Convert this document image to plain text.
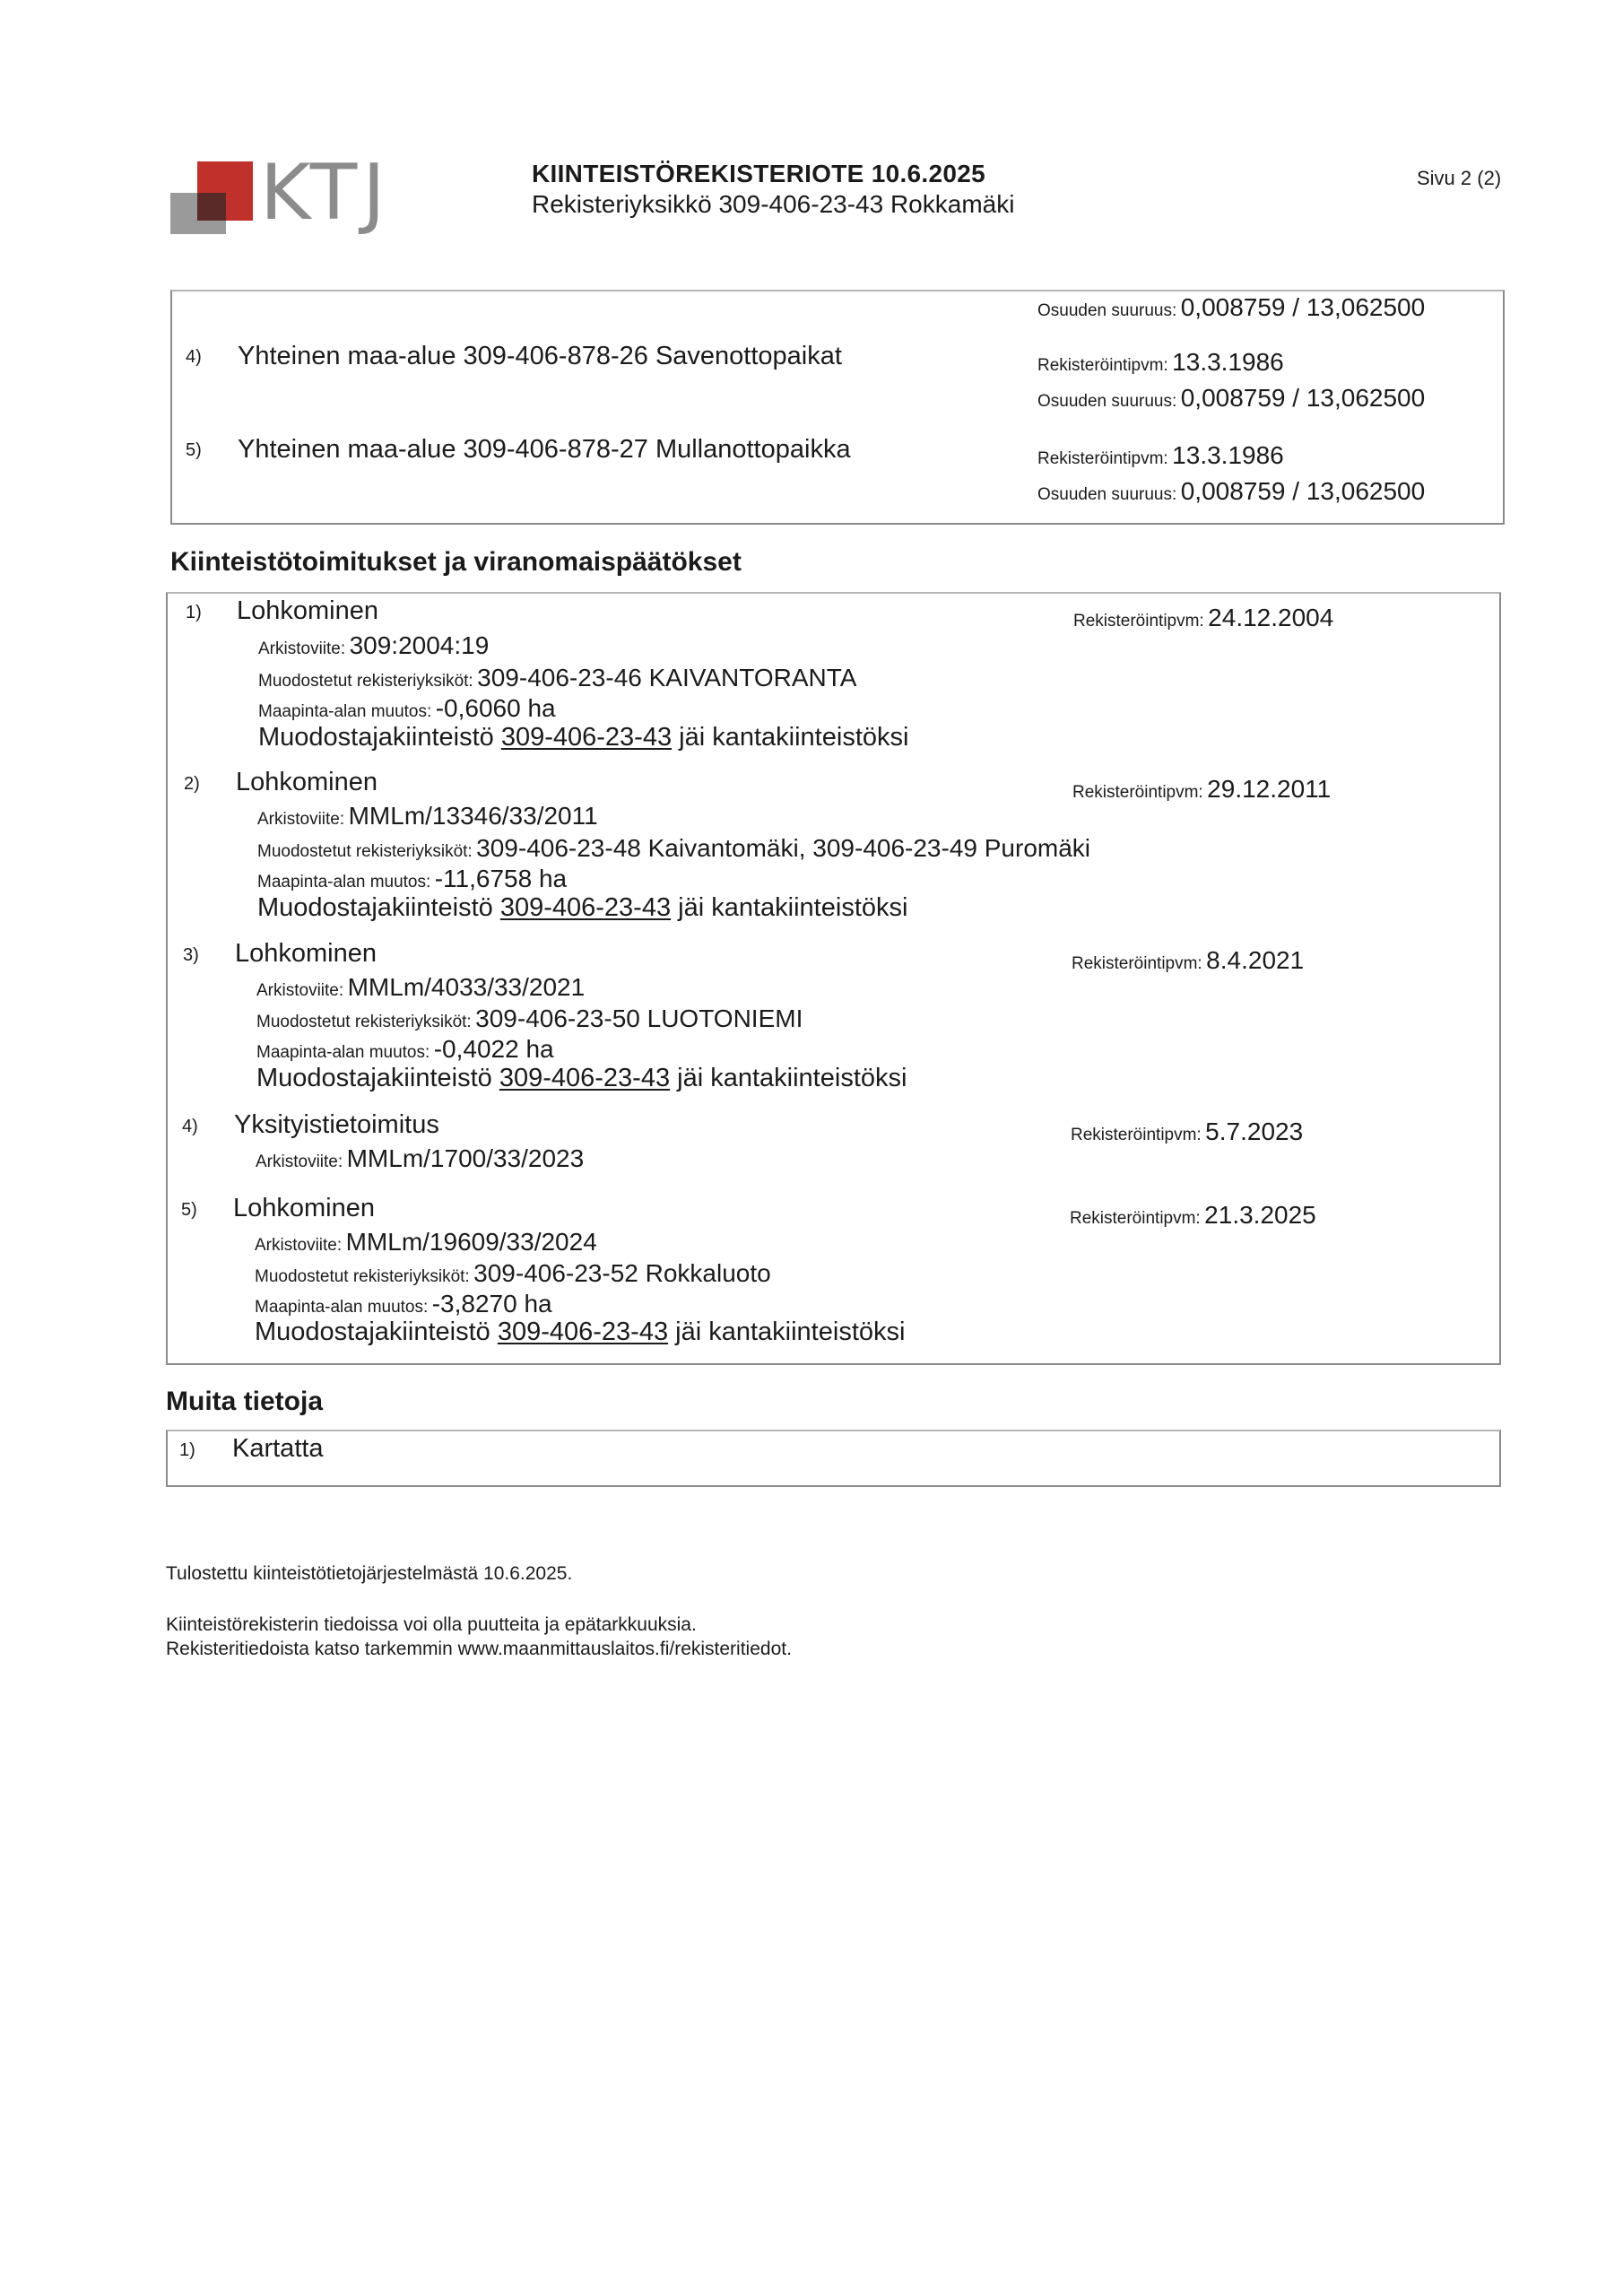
KTJ	KIINTEISTÖREKISTERIOTE 10.6.2025
Rekisteriyksikkö 309-406-23-43 Rokkamäki
Sivu 2 (2)
Osuuden suuruus: 0,008759 / 13,062500
4) Yhteinen maa-alue 309-406-878-26 Savenottopaikat	Rekisteröintipvm: 13.3.1986
Osuuden suuruus: 0,008759 / 13,062500
5) Yhteinen maa-alue 309-406-878-27 Mullanottopaikka	Rekisteröintipvm: 13.3.1986
Osuuden suuruus: 0,008759 / 13,062500
Kiinteistötoimitukset ja viranomaispäätökset
1) Lohkominen	Rekisteröintipvm: 24.12.2004
Arkistoviite: 309:2004:19
Muodostetut rekisteriyksiköt: 309-406-23-46 KAIVANTORANTA
Maapinta-alan muutos: -0,6060 ha
Muodostajakiinteistö 309-406-23-43 jäi kantakiinteistöksi
2) Lohkominen	Rekisteröintipvm: 29.12.2011
Arkistoviite: MMLm/13346/33/2011
Muodostetut rekisteriyksiköt: 309-406-23-48 Kaivantomäki, 309-406-23-49 Puromäki
Maapinta-alan muutos: -11,6758 ha
Muodostajakiinteistö 309-406-23-43 jäi kantakiinteistöksi
3) Lohkominen	Rekisteröintipvm: 8.4.2021
Arkistoviite: MMLm/4033/33/2021
Muodostetut rekisteriyksiköt: 309-406-23-50 LUOTONIEMI
Maapinta-alan muutos: -0,4022 ha
Muodostajakiinteistö 309-406-23-43 jäi kantakiinteistöksi
4) Yksityistietoimitus	Rekisteröintipvm: 5.7.2023
Arkistoviite: MMLm/1700/33/2023
5) Lohkominen	Rekisteröintipvm: 21.3.2025
Arkistoviite: MMLm/19609/33/2024
Muodostetut rekisteriyksiköt: 309-406-23-52 Rokkaluoto
Maapinta-alan muutos: -3,8270 ha
Muodostajakiinteistö 309-406-23-43 jäi kantakiinteistöksi
Muita tietoja
1) Kartatta
Tulostettu kiinteistötietojärjestelmästä 10.6.2025.
Kiinteistörekisterin tiedoissa voi olla puutteita ja epätarkkuuksia.
Rekisteritiedoista katso tarkemmin www.maanmittauslaitos.fi/rekisteritiedot.
